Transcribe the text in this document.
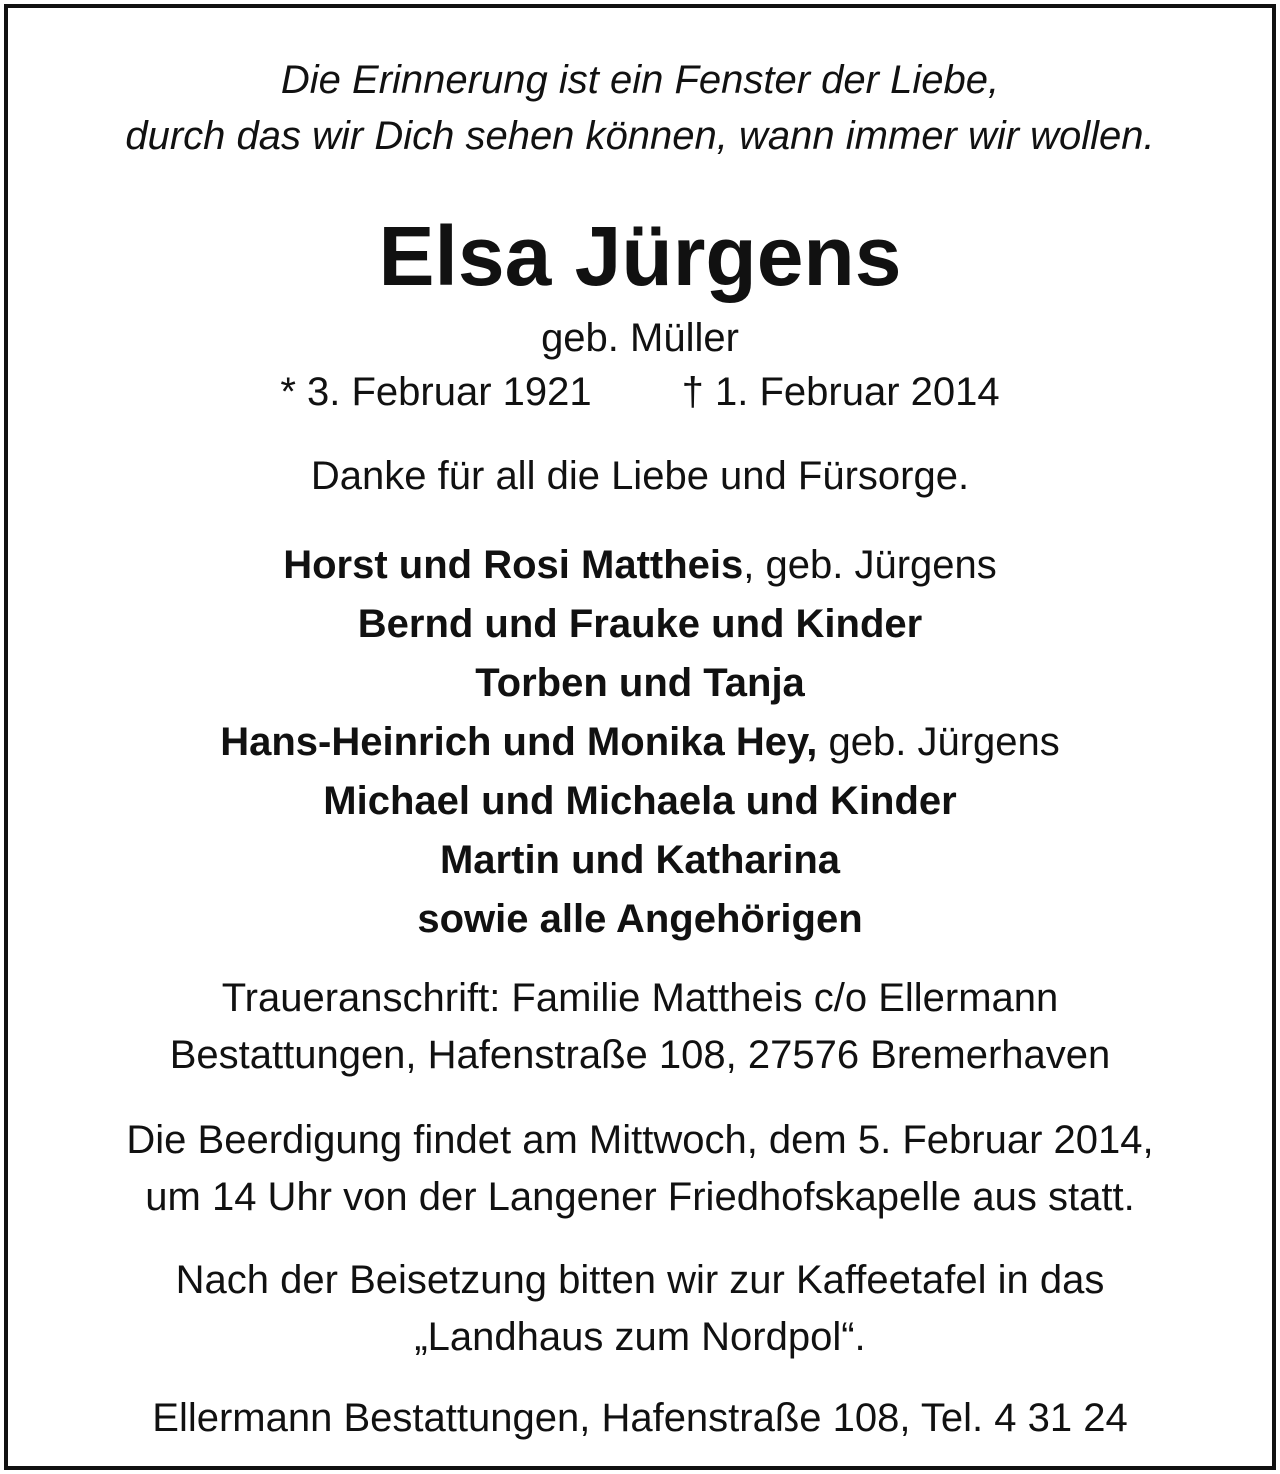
Die Erinnerung ist ein Fenster der Liebe,
durch das wir Dich sehen können, wann immer wir wollen.
Elsa Jürgens
geb. Müller
* 3. Februar 1921 † 1. Februar 2014
Danke für all die Liebe und Fürsorge.
Horst und Rosi Mattheis, geb. Jürgens
Bernd und Frauke und Kinder
Torben und Tanja
Hans-Heinrich und Monika Hey, geb. Jürgens
Michael und Michaela und Kinder
Martin und Katharina
sowie alle Angehörigen
Traueranschrift: Familie Mattheis c/o Ellermann
Bestattungen, Hafenstraße 108, 27576 Bremerhaven
Die Beerdigung findet am Mittwoch, dem 5. Februar 2014,
um 14 Uhr von der Langener Friedhofskapelle aus statt.
Nach der Beisetzung bitten wir zur Kaffeetafel in das
„Landhaus zum Nordpol“.
Ellermann Bestattungen, Hafenstraße 108, Tel. 4 31 24
